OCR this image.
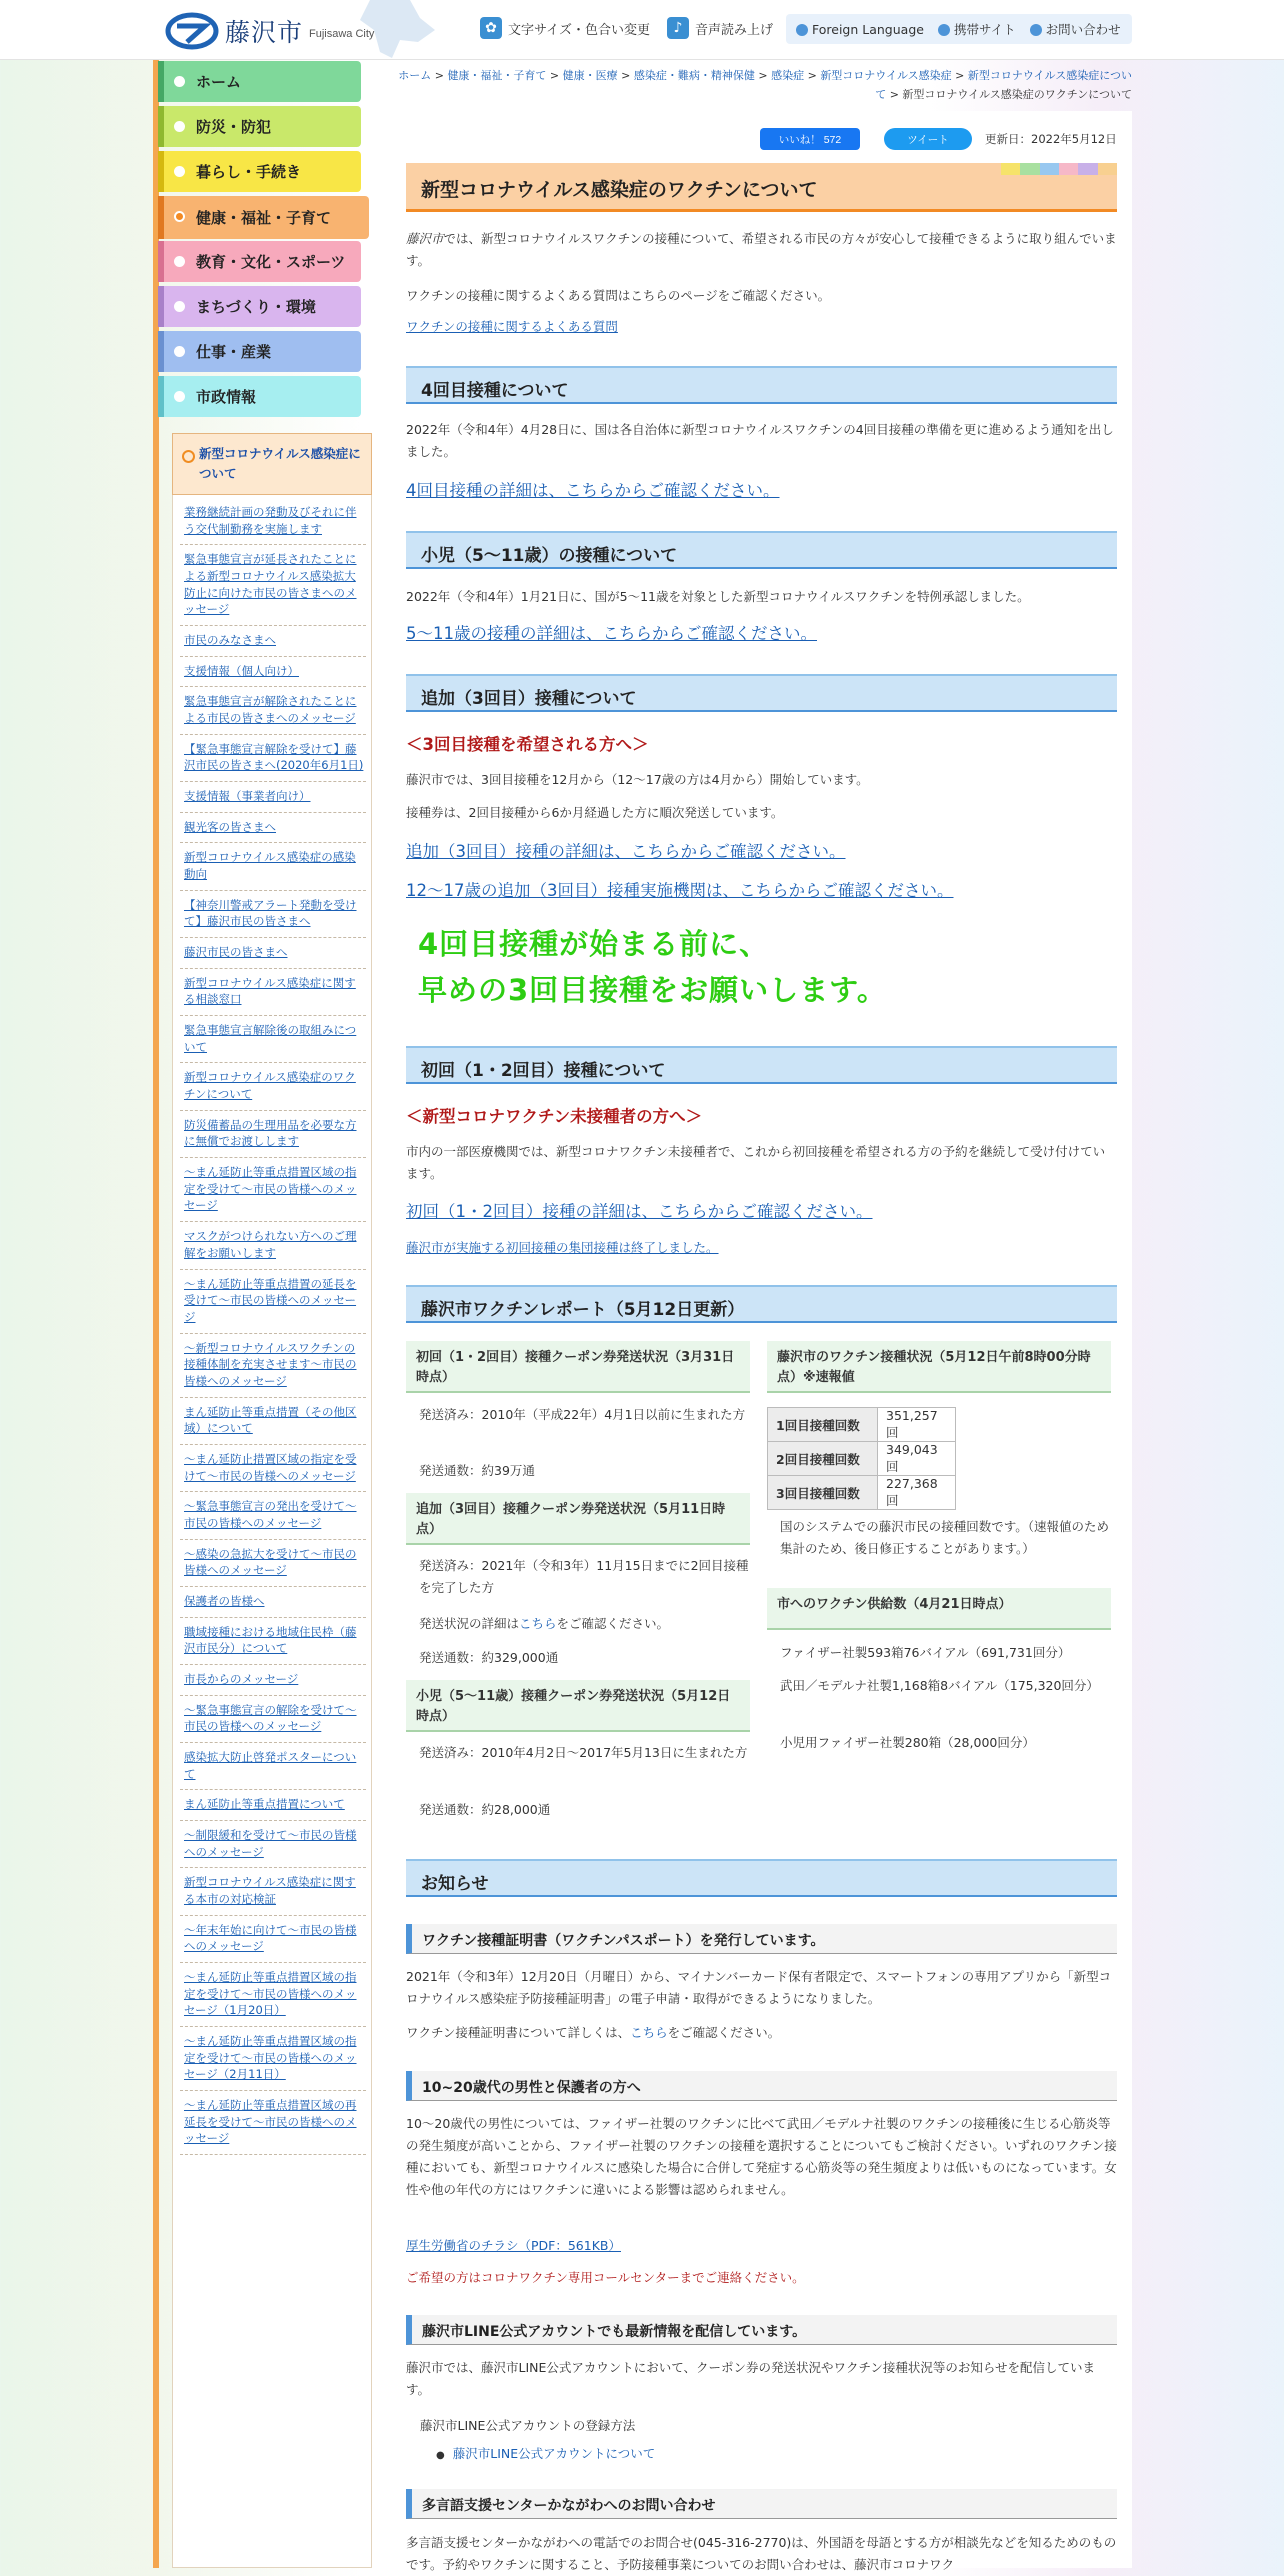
藤沢市 Fujisawa City	✿ 文字サイズ・色合い変更	♪ 音声読み上げ	Foreign Language	携帯サイト	お問い合わせ
ホーム
防災・防犯
暮らし・手続き
健康・福祉・子育て
教育・文化・スポーツ
まちづくり・環境
仕事・産業
市政情報
新型コロナウイルス感染症について
業務継続計画の発動及びそれに伴う交代制勤務を実施します
緊急事態宣言が延長されたことによる新型コロナウイルス感染拡大防止に向けた市民の皆さまへのメッセージ
市民のみなさまへ
支援情報（個人向け）
緊急事態宣言が解除されたことによる市民の皆さまへのメッセージ
【緊急事態宣言解除を受けて】藤沢市民の皆さまへ(2020年6月1日)
支援情報（事業者向け）
観光客の皆さまへ
新型コロナウイルス感染症の感染動向
【神奈川警戒アラート発動を受けて】藤沢市民の皆さまへ
藤沢市民の皆さまへ
新型コロナウイルス感染症に関する相談窓口
緊急事態宣言解除後の取組みについて
新型コロナウイルス感染症のワクチンについて
防災備蓄品の生理用品を必要な方に無償でお渡しします
～まん延防止等重点措置区域の指定を受けて～市民の皆様へのメッセージ
マスクがつけられない方へのご理解をお願いします
～まん延防止等重点措置の延長を受けて～市民の皆様へのメッセージ
～新型コロナウイルスワクチンの接種体制を充実させます～市民の皆様へのメッセージ
まん延防止等重点措置（その他区域）について
～まん延防止措置区域の指定を受けて～市民の皆様へのメッセージ
～緊急事態宣言の発出を受けて～市民の皆様へのメッセージ
～感染の急拡大を受けて～市民の皆様へのメッセージ
保護者の皆様へ
職域接種における地域住民枠（藤沢市民分）について
市長からのメッセージ
～緊急事態宣言の解除を受けて～市民の皆様へのメッセージ
感染拡大防止啓発ポスターについて
まん延防止等重点措置について
～制限緩和を受けて～市民の皆様へのメッセージ
新型コロナウイルス感染症に関する本市の対応検証
～年末年始に向けて～市民の皆様へのメッセージ
～まん延防止等重点措置区域の指定を受けて～市民の皆様へのメッセージ（1月20日）
～まん延防止等重点措置区域の指定を受けて～市民の皆様へのメッセージ（2月11日）
～まん延防止等重点措置区域の再延長を受けて～市民の皆様へのメッセージ
ホーム > 健康・福祉・子育て > 健康・医療 > 感染症・難病・精神保健 > 感染症 > 新型コロナウイルス感染症 > 新型コロナウイルス感染症について > 新型コロナウイルス感染症のワクチンについて
いいね！ 572	ツイート	更新日：2022年5月12日
新型コロナウイルス感染症のワクチンについて
藤沢市では、新型コロナウイルスワクチンの接種について、希望される市民の方々が安心して接種できるように取り組んでいます。
ワクチンの接種に関するよくある質問はこちらのページをご確認ください。
ワクチンの接種に関するよくある質問
4回目接種について
2022年（令和4年）4月28日に、国は各自治体に新型コロナウイルスワクチンの4回目接種の準備を更に進めるよう通知を出しました。
4回目接種の詳細は、こちらからご確認ください。
小児（5～11歳）の接種について
2022年（令和4年）1月21日に、国が5～11歳を対象とした新型コロナウイルスワクチンを特例承認しました。
5～11歳の接種の詳細は、こちらからご確認ください。
追加（3回目）接種について
＜3回目接種を希望される方へ＞
藤沢市では、3回目接種を12月から（12～17歳の方は4月から）開始しています。
接種券は、2回目接種から6か月経過した方に順次発送しています。
追加（3回目）接種の詳細は、こちらからご確認ください。
12～17歳の追加（3回目）接種実施機関は、こちらからご確認ください。
4回目接種が始まる前に、
早めの3回目接種をお願いします。
初回（1・2回目）接種について
＜新型コロナワクチン未接種者の方へ＞
市内の一部医療機関では、新型コロナワクチン未接種者で、これから初回接種を希望される方の予約を継続して受け付けています。
初回（1・2回目）接種の詳細は、こちらからご確認ください。
藤沢市が実施する初回接種の集団接種は終了しました。
藤沢市ワクチンレポート（5月12日更新）
初回（1・2回目）接種クーポン券発送状況（3月31日時点）
発送済み：2010年（平成22年）4月1日以前に生まれた方
発送通数：約39万通
追加（3回目）接種クーポン券発送状況（5月11日時点）
発送済み：2021年（令和3年）11月15日までに2回目接種を完了した方
発送状況の詳細はこちらをご確認ください。
発送通数：約329,000通
小児（5～11歳）接種クーポン券発送状況（5月12日時点）
発送済み：2010年4月2日～2017年5月13日に生まれた方
発送通数：約28,000通
藤沢市のワクチン接種状況（5月12日午前8時00分時点）※速報値
1回目接種回数	351,257回
2回目接種回数	349,043回
3回目接種回数	227,368回
国のシステムでの藤沢市民の接種回数です。（速報値のため集計のため、後日修正することがあります。）
市へのワクチン供給数（4月21日時点）
ファイザー社製593箱76バイアル（691,731回分）
武田／モデルナ社製1,168箱8バイアル（175,320回分）
小児用ファイザー社製280箱（28,000回分）
お知らせ
ワクチン接種証明書（ワクチンパスポート）を発行しています。
2021年（令和3年）12月20日（月曜日）から、マイナンバーカード保有者限定で、スマートフォンの専用アプリから「新型コロナウイルス感染症予防接種証明書」の電子申請・取得ができるようになりました。
ワクチン接種証明書について詳しくは、こちらをご確認ください。
10~20歳代の男性と保護者の方へ
10～20歳代の男性については、ファイザー社製のワクチンに比べて武田／モデルナ社製のワクチンの接種後に生じる心筋炎等の発生頻度が高いことから、ファイザー社製のワクチンの接種を選択することについてもご検討ください。いずれのワクチン接種においても、新型コロナウイルスに感染した場合に合併して発症する心筋炎等の発生頻度よりは低いものになっています。女性や他の年代の方にはワクチンに違いによる影響は認められません。
厚生労働省のチラシ（PDF：561KB）
ご希望の方はコロナワクチン専用コールセンターまでご連絡ください。
藤沢市LINE公式アカウントでも最新情報を配信しています。
藤沢市では、藤沢市LINE公式アカウントにおいて、クーポン券の発送状況やワクチン接種状況等のお知らせを配信しています。
藤沢市LINE公式アカウントの登録方法
● 藤沢市LINE公式アカウントについて
多言語支援センターかながわへのお問い合わせ
多言語支援センターかながわへの電話でのお問合せ(045-316-2770)は、外国語を母語とする方が相談先などを知るためのものです。予約やワクチンに関すること、予防接種事業についてのお問い合わせは、藤沢市コロナワク
